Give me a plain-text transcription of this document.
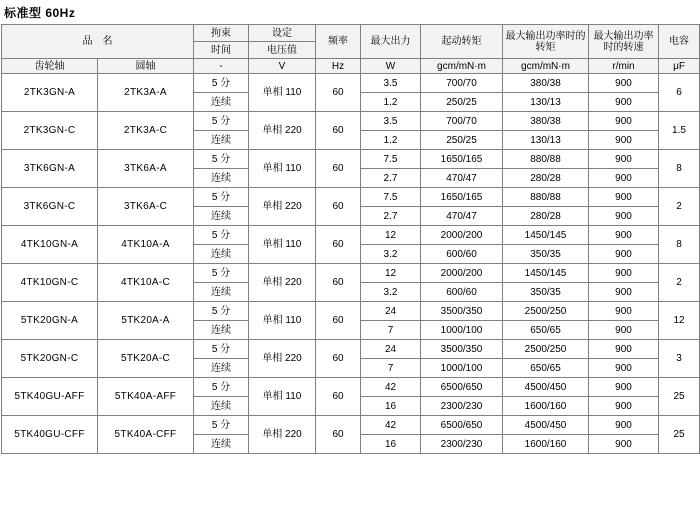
标准型 60Hz
品　名		拘束	设定	频率	最大出力	起动转矩	最大输出功率时的转矩	最大输出功率时的转速	电容
		时间	电压值						
齿轮轴	圆轴	-	V	Hz	W	gcm/mN·m	gcm/mN·m	r/min	μF
2TK3GN-A	2TK3A-A	5 分	单相 110	60	3.5	700/70	380/38	900	6
		连续			1.2	250/25	130/13	900	
2TK3GN-C	2TK3A-C	5 分	单相 220	60	3.5	700/70	380/38	900	1.5
		连续			1.2	250/25	130/13	900	
3TK6GN-A	3TK6A-A	5 分	单相 110	60	7.5	1650/165	880/88	900	8
		连续			2.7	470/47	280/28	900	
3TK6GN-C	3TK6A-C	5 分	单相 220	60	7.5	1650/165	880/88	900	2
		连续			2.7	470/47	280/28	900	
4TK10GN-A	4TK10A-A	5 分	单相 110	60	12	2000/200	1450/145	900	8
		连续			3.2	600/60	350/35	900	
4TK10GN-C	4TK10A-C	5 分	单相 220	60	12	2000/200	1450/145	900	2
		连续			3.2	600/60	350/35	900	
5TK20GN-A	5TK20A-A	5 分	单相 110	60	24	3500/350	2500/250	900	12
		连续			7	1000/100	650/65	900	
5TK20GN-C	5TK20A-C	5 分	单相 220	60	24	3500/350	2500/250	900	3
		连续			7	1000/100	650/65	900	
5TK40GU-AFF	5TK40A-AFF	5 分	单相 110	60	42	6500/650	4500/450	900	25
		连续			16	2300/230	1600/160	900	
5TK40GU-CFF	5TK40A-CFF	5 分	单相 220	60	42	6500/650	4500/450	900	25
		连续			16	2300/230	1600/160	900	
